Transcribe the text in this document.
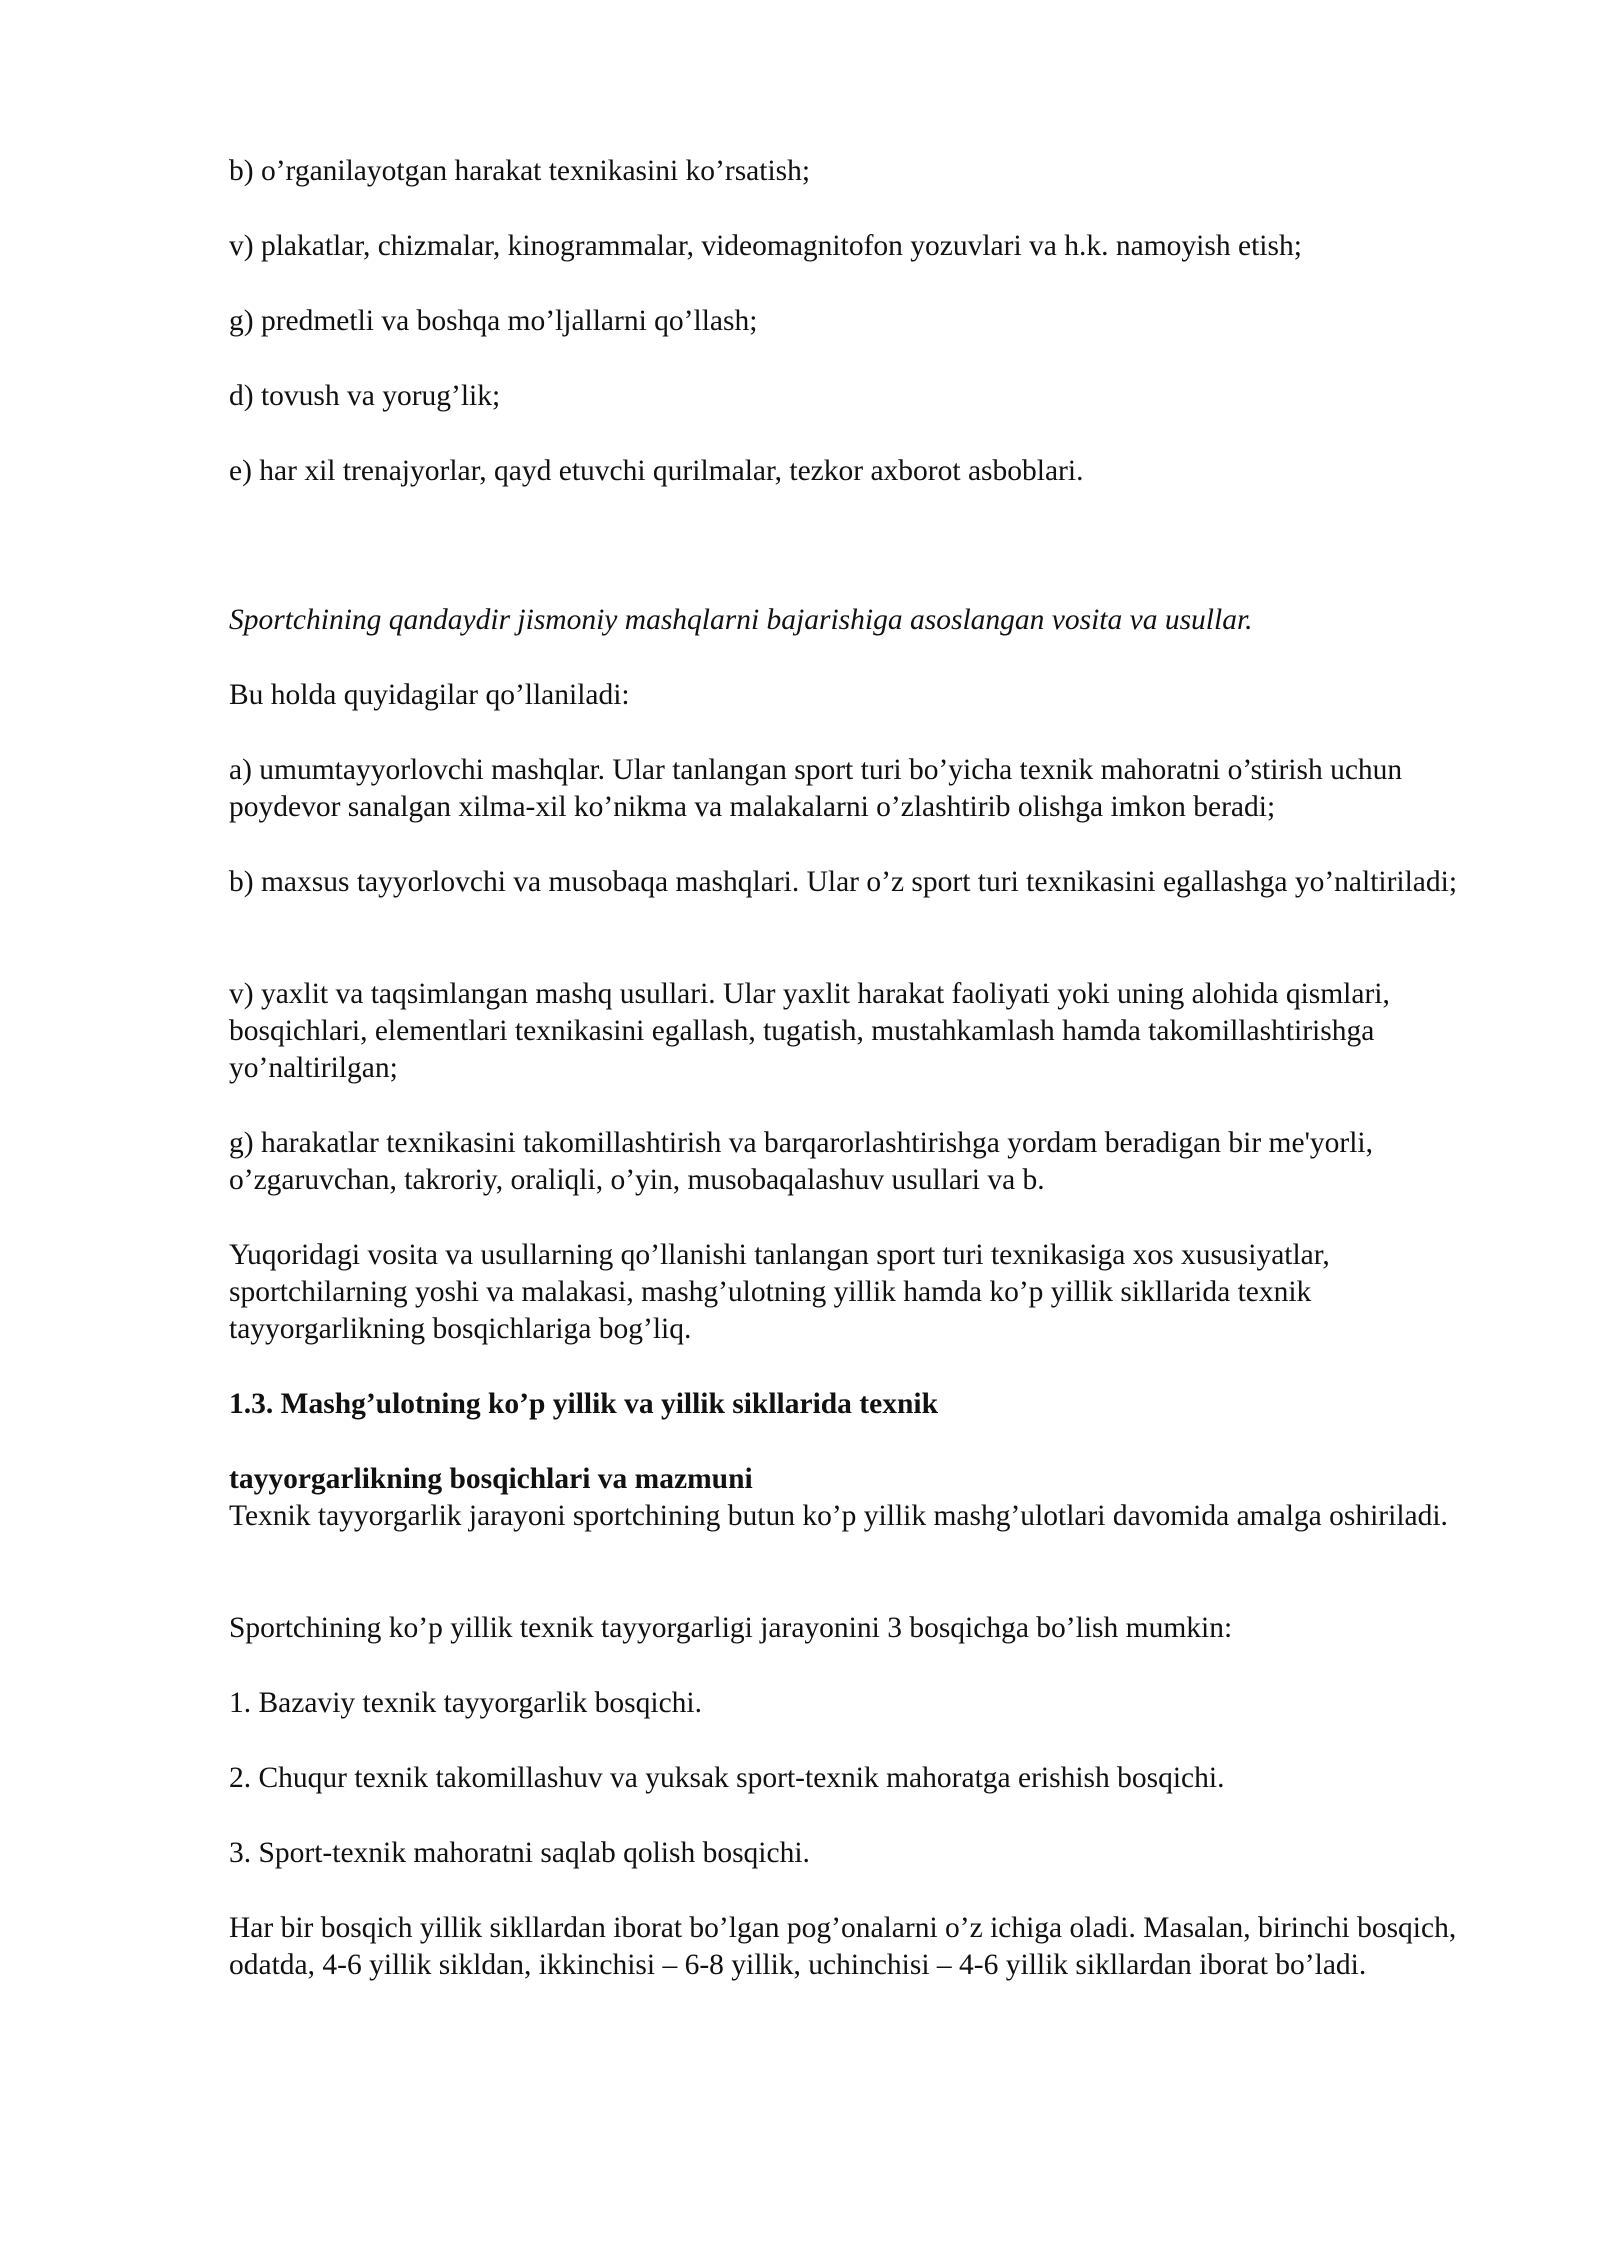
b) o’rganilayotgan harakat texnikasini ko’rsatish;

v) plakatlar, chizmalar, kinogrammalar, videomagnitofon yozuvlari va h.k. namoyish etish;

g) predmetli va boshqa mo’ljallarni qo’llash;

d) tovush va yorug’lik;

e) har xil trenajyorlar, qayd etuvchi qurilmalar, tezkor axborot asboblari.

Sportchining qandaydir jismoniy mashqlarni bajarishiga asoslangan vosita va usullar.

Bu holda quyidagilar qo’llaniladi:

a) umumtayyorlovchi mashqlar. Ular tanlangan sport turi bo’yicha texnik mahoratni o’stirish uchun poydevor sanalgan xilma-xil ko’nikma va malakalarni o’zlashtirib olishga imkon beradi;

b) maxsus tayyorlovchi va musobaqa mashqlari. Ular o’z sport turi texnikasini egallashga yo’naltiriladi;

v) yaxlit va taqsimlangan mashq usullari. Ular yaxlit harakat faoliyati yoki uning alohida qismlari, bosqichlari, elementlari texnikasini egallash, tugatish, mustahkamlash hamda takomillashtirishga yo’naltirilgan;

g) harakatlar texnikasini takomillashtirish va barqarorlashtirishga yordam beradigan bir me'yorli, o’zgaruvchan, takroriy, oraliqli, o’yin, musobaqalashuv usullari va b.

Yuqoridagi vosita va usullarning qo’llanishi tanlangan sport turi texnikasiga xos xususiyatlar, sportchilarning yoshi va malakasi, mashg’ulotning yillik hamda ko’p yillik sikllarida texnik tayyorgarlikning bosqichlariga bog’liq.

1.3. Mashg’ulotning ko’p yillik va yillik sikllarida texnik

tayyorgarlikning bosqichlari va mazmuni

Texnik tayyorgarlik jarayoni sportchining butun ko’p yillik mashg’ulotlari davomida amalga oshiriladi.

Sportchining ko’p yillik texnik tayyorgarligi jarayonini 3 bosqichga bo’lish mumkin:

1. Bazaviy texnik tayyorgarlik bosqichi.

2. Chuqur texnik takomillashuv va yuksak sport-texnik mahoratga erishish bosqichi.

3. Sport-texnik mahoratni saqlab qolish bosqichi.

Har bir bosqich yillik sikllardan iborat bo’lgan pog’onalarni o’z ichiga oladi. Masalan, birinchi bosqich, odatda, 4-6 yillik sikldan, ikkinchisi – 6-8 yillik, uchinchisi – 4-6 yillik sikllardan iborat bo’ladi.
